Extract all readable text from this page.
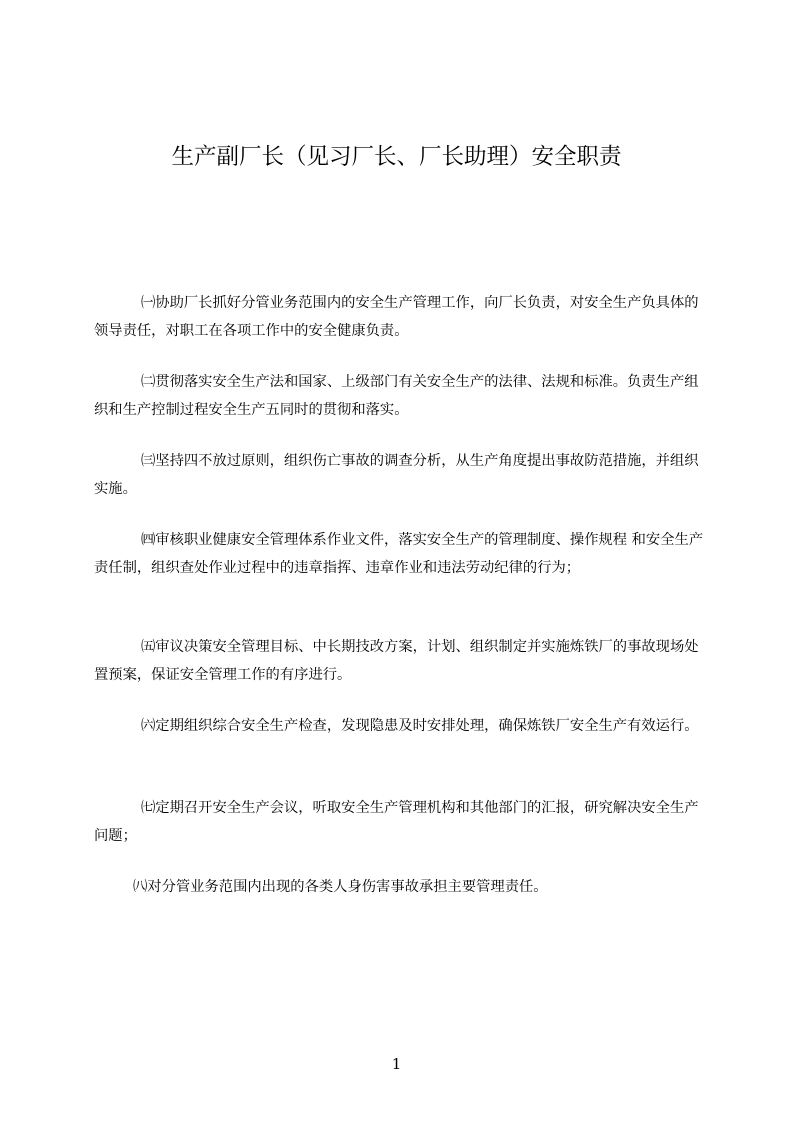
生产副厂长（见习厂长、厂长助理）安全职责

㈠协助厂长抓好分管业务范围内的安全生产管理工作，向厂长负责，对安全生产负具体的领导责任，对职工在各项工作中的安全健康负责。

㈡贯彻落实安全生产法和国家、上级部门有关安全生产的法律、法规和标准。负责生产组织和生产控制过程安全生产五同时的贯彻和落实。

㈢坚持四不放过原则，组织伤亡事故的调查分析，从生产角度提出事故防范措施，并组织实施。

㈣审核职业健康安全管理体系作业文件，落实安全生产的管理制度、操作规程 和安全生产责任制，组织查处作业过程中的违章指挥、违章作业和违法劳动纪律的行为；

㈤审议决策安全管理目标、中长期技改方案，计划、组织制定并实施炼铁厂的事故现场处置预案，保证安全管理工作的有序进行。

㈥定期组织综合安全生产检查，发现隐患及时安排处理，确保炼铁厂安全生产有效运行。

㈦定期召开安全生产会议，听取安全生产管理机构和其他部门的汇报，研究解决安全生产问题；

㈧对分管业务范围内出现的各类人身伤害事故承担主要管理责任。

1
